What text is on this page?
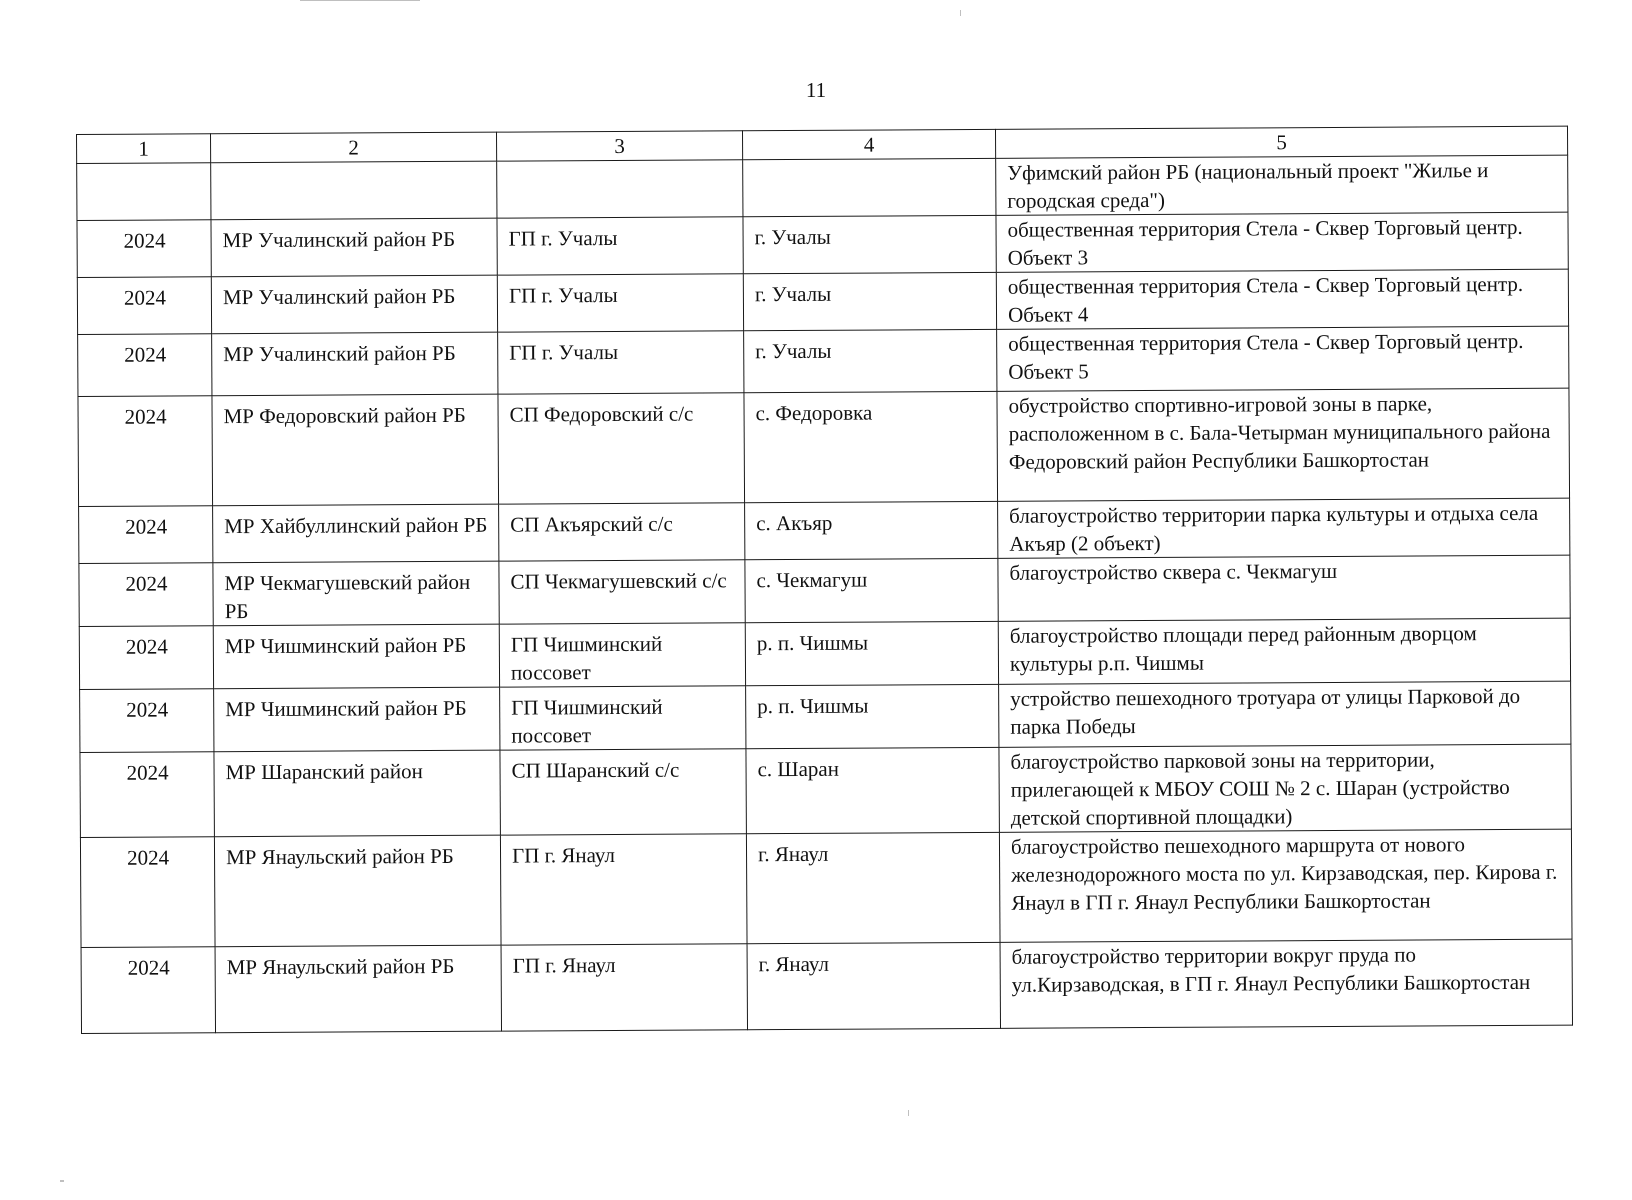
11
1	2	3	4	5
				Уфимский район РБ (национальный проект "Жилье и городская среда")
2024	МР Учалинский район РБ	ГП г. Учалы	г. Учалы	общественная территория Стела - Сквер Торговый центр. Объект 3
2024	МР Учалинский район РБ	ГП г. Учалы	г. Учалы	общественная территория Стела - Сквер Торговый центр. Объект 4
2024	МР Учалинский район РБ	ГП г. Учалы	г. Учалы	общественная территория Стела - Сквер Торговый центр. Объект 5
2024	МР Федоровский район РБ	СП Федоровский с/с	с. Федоровка	обустройство спортивно-игровой зоны в парке, расположенном в с. Бала-Четырман муниципального района Федоровский район Республики Башкортостан
2024	МР Хайбуллинский район РБ	СП Акъярский с/с	с. Акъяр	благоустройство территории парка культуры и отдыха села Акъяр (2 объект)
2024	МР Чекмагушевский район РБ	СП Чекмагушевский с/с	с. Чекмагуш	благоустройство сквера с. Чекмагуш
2024	МР Чишминский район РБ	ГП Чишминский поссовет	р. п. Чишмы	благоустройство площади перед районным дворцом культуры р.п. Чишмы
2024	МР Чишминский район РБ	ГП Чишминский поссовет	р. п. Чишмы	устройство пешеходного тротуара от улицы Парковой до парка Победы
2024	МР Шаранский район	СП Шаранский с/с	с. Шаран	благоустройство парковой зоны на территории, прилегающей к МБОУ СОШ № 2 с. Шаран (устройство детской спортивной площадки)
2024	МР Янаульский район РБ	ГП г. Янаул	г. Янаул	благоустройство пешеходного маршрута от нового железнодорожного моста по ул. Кирзаводская, пер. Кирова г. Янаул в ГП г. Янаул Республики Башкортостан
2024	МР Янаульский район РБ	ГП г. Янаул	г. Янаул	благоустройство территории вокруг пруда по ул.Кирзаводская, в ГП г. Янаул Республики Башкортостан
